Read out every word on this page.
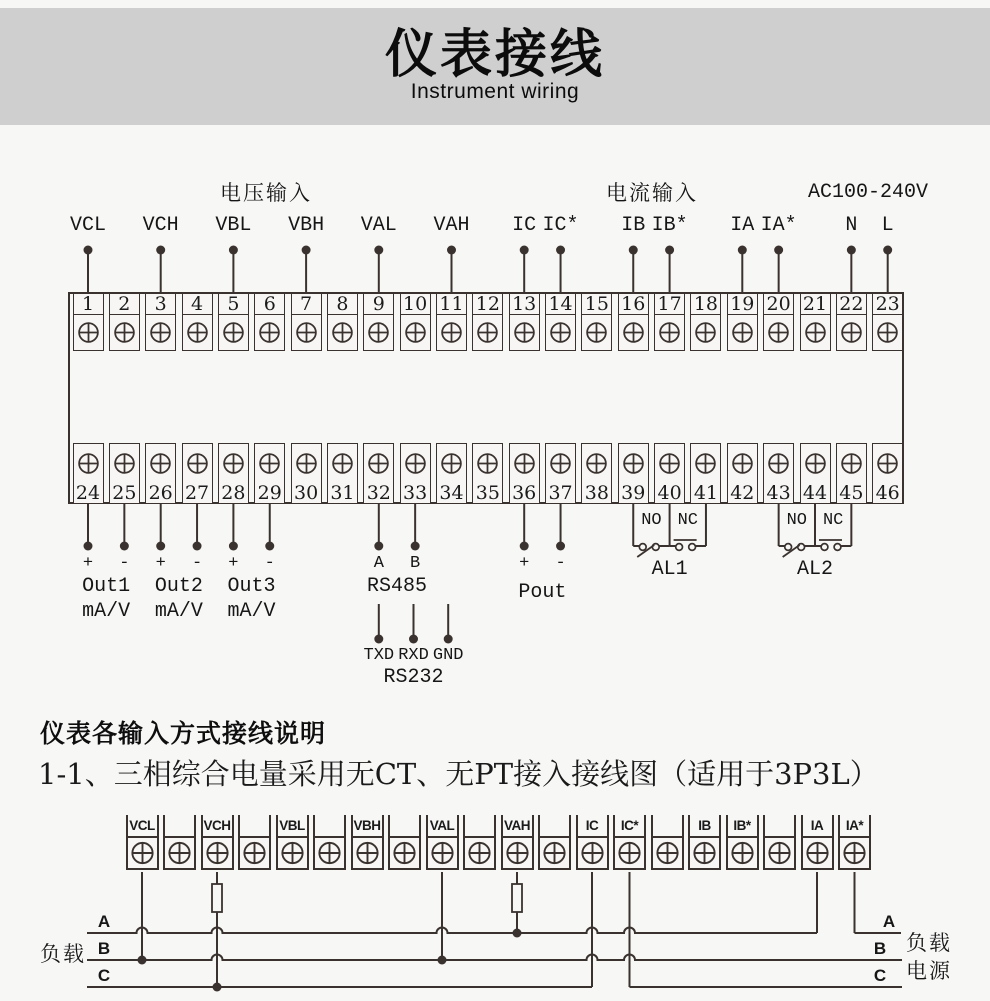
仪表接线
Instrument wiring
1	2	3	4	5	6	7	8	9 10 11 12 13 14 15 16 17 18 19 20 21 22 23
24 25 26 27 28 29 30 31 32 33 34 35 36 37 38 39 40 41 42 43 44 45 46
电压输入	电流输入	AC100-240V
VCL VCH VBL VBH VAL VAH IC IC* IB IB* IA IA* N L
+ -
Out1
mA/V
+ -
Out2
mA/V
+ -
Out3
mA/V
A B
RS485
TXD RXD GND
RS232
+ -
Pout
NO NC
AL1
NO NC
AL2
VCL	VCH	VBL	VBH	VAL	VAH	IC	IC*	IB	IB*	IA	IA*
A
B
C
A
B
C
负载	负载
电源
仪表各输入方式接线说明
1-1、三相综合电量采用无CT、无PT接入接线图（适用于3P3L）
